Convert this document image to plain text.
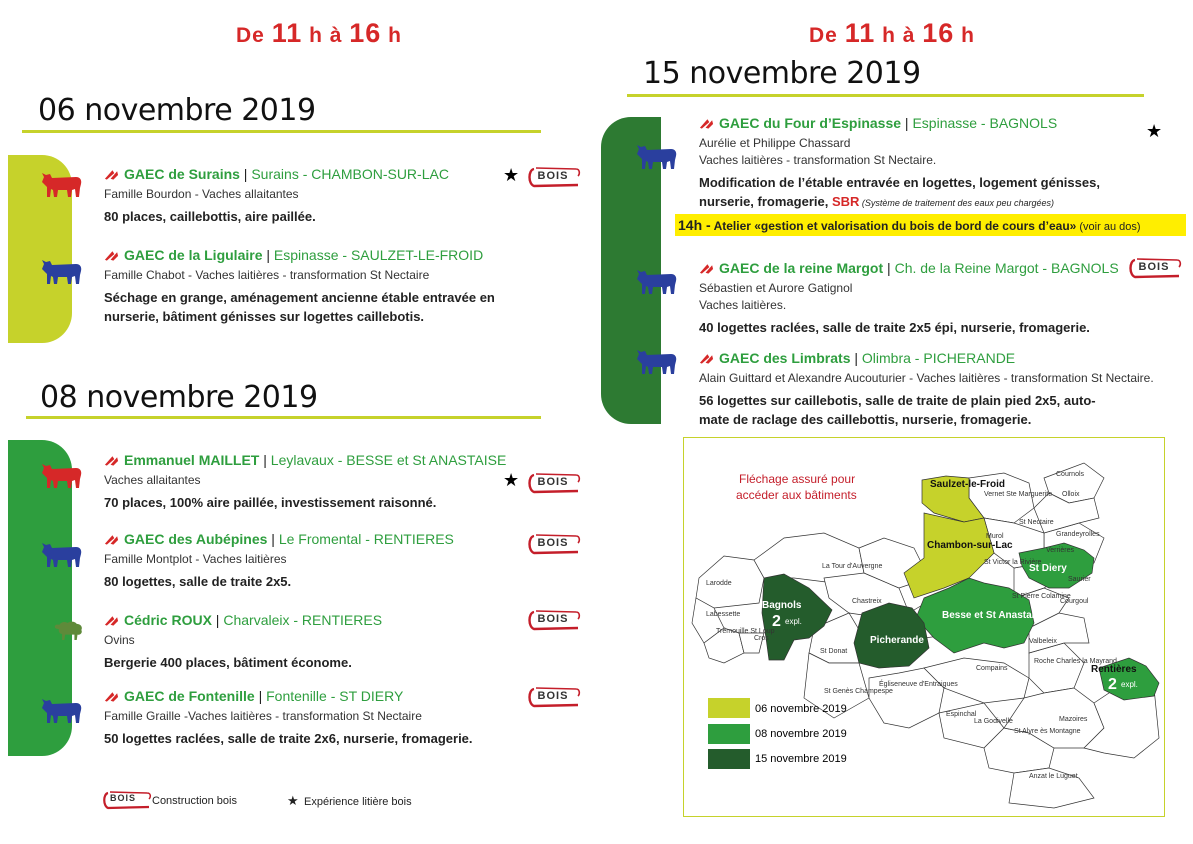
De 11 h à 16 h	De 11 h à 16 h
15 novembre 2019
06 novembre 2019
08 novembre 2019
GAEC de Surains | Surains - CHAMBON-SUR-LAC
Famille Bourdon - Vaches allaitantes
80 places, caillebottis, aire paillée.
★	BOIS
GAEC de la Ligulaire | Espinasse - SAULZET-LE-FROID
Famille Chabot - Vaches laitières - transformation St Nectaire
Séchage en grange, aménagement ancienne étable entravée en
nurserie, bâtiment génisses sur logettes caillebotis.
Emmanuel MAILLET | Leylavaux - BESSE et St ANASTAISE
Vaches allaitantes
70 places, 100% aire paillée, investissement raisonné.
★	BOIS
GAEC des Aubépines | Le Fromental - RENTIERES
Famille Montplot - Vaches laitières
80 logettes, salle de traite 2x5.
BOIS
Cédric ROUX | Charvaleix - RENTIERES
Ovins
Bergerie 400 places, bâtiment économe.
BOIS
GAEC de Fontenille | Fontenille - ST DIERY
Famille Graille -Vaches laitières - transformation St Nectaire
50 logettes raclées, salle de traite 2x6, nurserie, fromagerie.
BOIS
BOIS	Construction bois	★ Expérience litière bois
★
GAEC du Four d’Espinasse | Espinasse - BAGNOLS
Aurélie et Philippe Chassard
Vaches laitières - transformation St Nectaire.
Modification de l’étable entravée en logettes, logement génisses,
nurserie, fromagerie, SBR (Système de traitement des eaux peu chargées)
14h - Atelier «gestion et valorisation du bois de bord de cours d’eau» (voir au dos)
GAEC de la reine Margot | Ch. de la Reine Margot - BAGNOLS
Sébastien et Aurore Gatignol
Vaches laitières.
40 logettes raclées, salle de traite 2x5 épi, nurserie, fromagerie.
BOIS
GAEC des Limbrats | Olimbra - PICHERANDE
Alain Guittard et Alexandre Aucouturier - Vaches laitières - transformation St Nectaire.
56 logettes sur caillebotis, salle de traite de plain pied 2x5, auto-
mate de raclage des caillebottis, nurserie, fromagerie.
Cournols
Olloix
Vernet Ste Marguerite
St Nectaire
Grandeyrolles
Murol
Verrières
Saurier
Courgoul
St Victor la Rivière
St Pierre Colamine
La Tour d'Auvergne
Larodde
Labessette
Trémouille St Loup
Cros
Chastreix
St Donat
Valbeleix
Compains
Roche Charles la Mayrand
St Genès Champespe
Égliseneuve d'Entraigues
Espinchal
La Godivelle
St Alyre ès Montagne
Mazoires
Anzat le Luguet
Saulzet-le-Froid
Chambon-sur-Lac
St Diery
Besse et St Anastaise
Picherande
Bagnols
2 expl.
Rentières
2 expl.
Fléchage assuré pour
accéder aux bâtiments
06 novembre 2019
08 novembre 2019
15 novembre 2019
